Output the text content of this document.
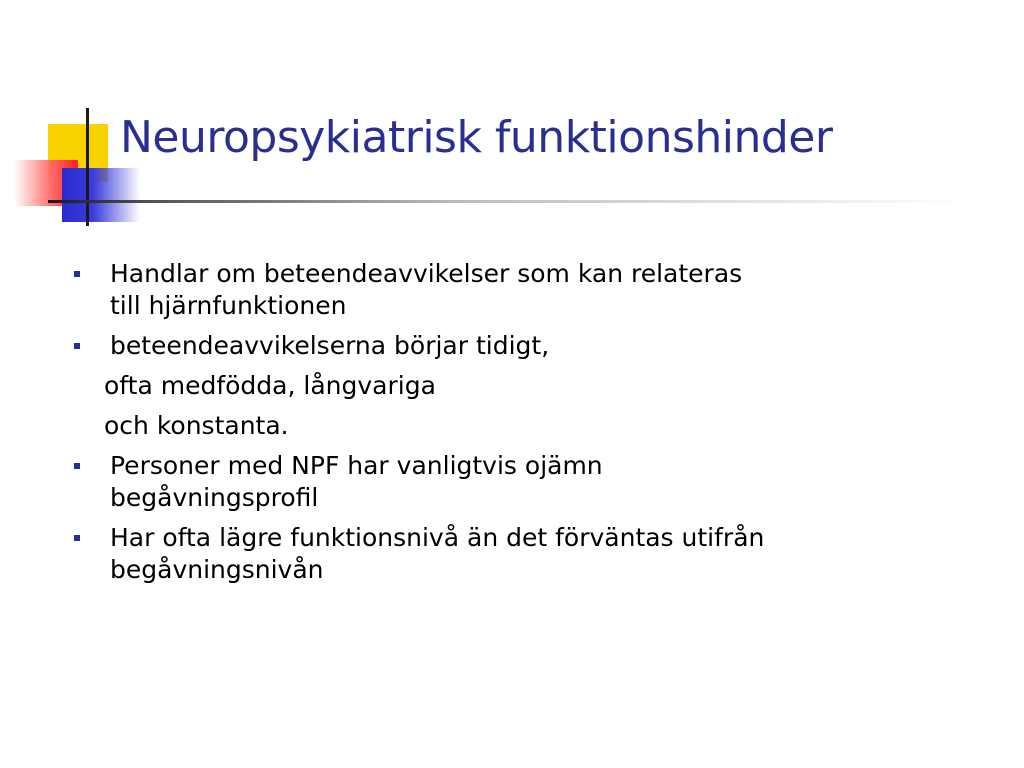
Neuropsykiatrisk funktionshinder
Handlar om beteendeavvikelser som kan relateras
till hjärnfunktionen
beteendeavvikelserna börjar tidigt,
ofta medfödda, långvariga
och konstanta.
Personer med NPF har vanligtvis ojämn
begåvningsprofil
Har ofta lägre funktionsnivå än det förväntas utifrån
begåvningsnivån
